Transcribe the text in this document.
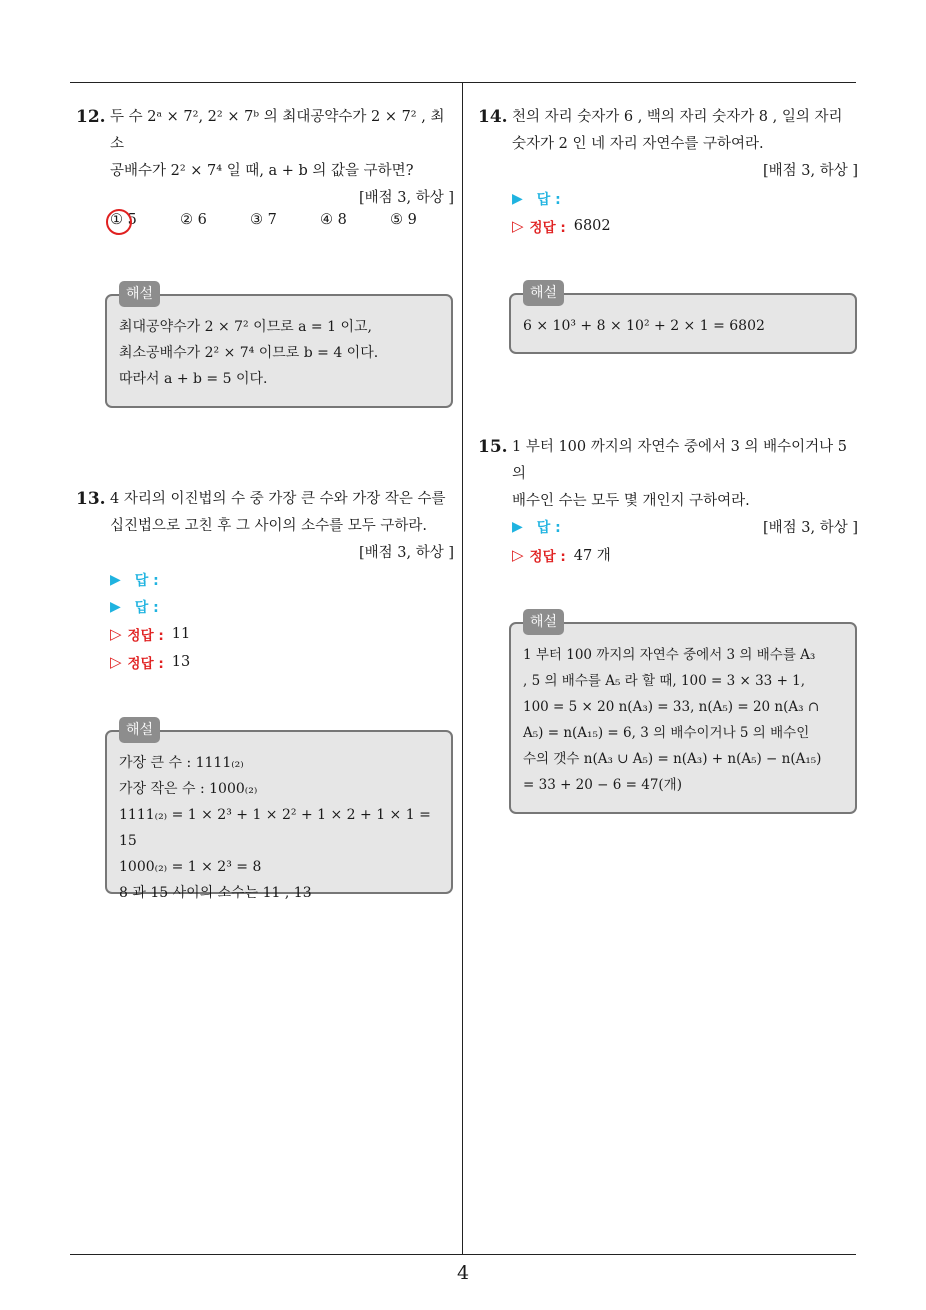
12. 두 수 2ᵃ × 7², 2² × 7ᵇ 의 최대공약수가 2 × 7² , 최소
공배수가 2² × 7⁴ 일 때, a + b 의 값을 구하면?
[배점 3, 하상 ]
① 5	② 6	③ 7	④ 8	⑤ 9
해설
최대공약수가 2 × 7² 이므로 a = 1 이고,
최소공배수가 2² × 7⁴ 이므로 b = 4 이다.
따라서 a + b = 5 이다.
13. 4 자리의 이진법의 수 중 가장 큰 수와 가장 작은 수를
십진법으로 고친 후 그 사이의 소수를 모두 구하라.
[배점 3, 하상 ]
▶ 답 :
▶ 답 :
▷ 정답 : 11
▷ 정답 : 13
해설
가장 큰 수 : 1111₍₂₎
가장 작은 수 : 1000₍₂₎
1111₍₂₎ = 1 × 2³ + 1 × 2² + 1 × 2 + 1 × 1 = 15
1000₍₂₎ = 1 × 2³ = 8
8 과 15 사이의 소수는 11 , 13
14. 천의 자리 숫자가 6 , 백의 자리 숫자가 8 , 일의 자리
숫자가 2 인 네 자리 자연수를 구하여라.
[배점 3, 하상 ]
▶ 답 :
▷ 정답 : 6802
해설
6 × 10³ + 8 × 10² + 2 × 1 = 6802
15. 1 부터 100 까지의 자연수 중에서 3 의 배수이거나 5 의
배수인 수는 모두 몇 개인지 구하여라.
[배점 3, 하상 ]
▶ 답 :
▷ 정답 : 47 개
해설
1 부터 100 까지의 자연수 중에서 3 의 배수를 A₃
, 5 의 배수를 A₅ 라 할 때, 100 = 3 × 33 + 1,
100 = 5 × 20 n(A₃) = 33, n(A₅) = 20 n(A₃ ∩
A₅) = n(A₁₅) = 6, 3 의 배수이거나 5 의 배수인
수의 갯수 n(A₃ ∪ A₅) = n(A₃) + n(A₅) − n(A₁₅)
= 33 + 20 − 6 = 47(개)
4
